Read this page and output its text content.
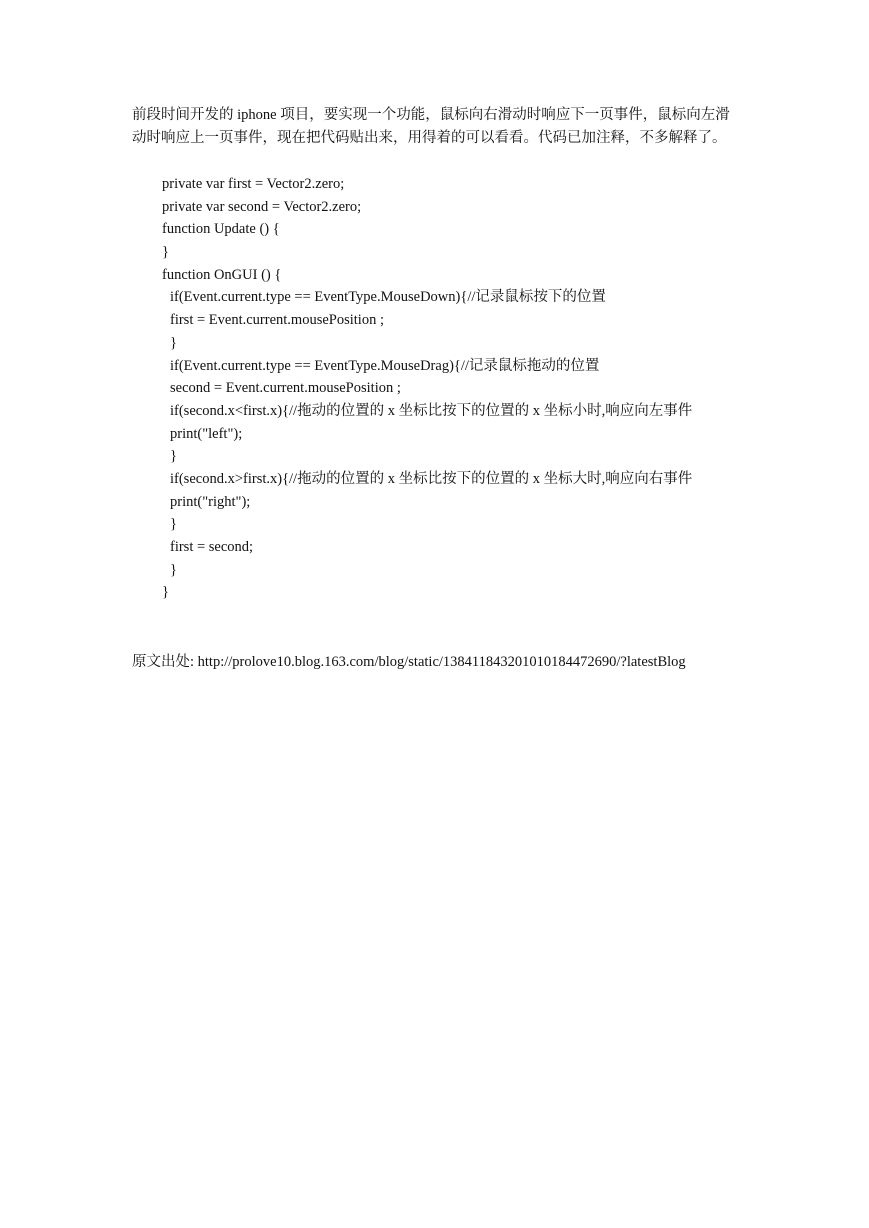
前段时间开发的 iphone 项目，要实现一个功能，鼠标向右滑动时响应下一页事件，鼠标向左滑动时响应上一页事件，现在把代码贴出来，用得着的可以看看。代码已加注释，不多解释了。

private var first = Vector2.zero;
private var second = Vector2.zero;
function Update () {
}
function OnGUI () {
if(Event.current.type == EventType.MouseDown){//记录鼠标按下的位置
first = Event.current.mousePosition ;
}
if(Event.current.type == EventType.MouseDrag){//记录鼠标拖动的位置
second = Event.current.mousePosition ;
if(second.x<first.x){//拖动的位置的 x 坐标比按下的位置的 x 坐标小时,响应向左事件
print("left");
}
if(second.x>first.x){//拖动的位置的 x 坐标比按下的位置的 x 坐标大时,响应向右事件
print("right");
}
first = second;
}
}

原文出处: http://prolove10.blog.163.com/blog/static/138411843201010184472690/?latestBlog
